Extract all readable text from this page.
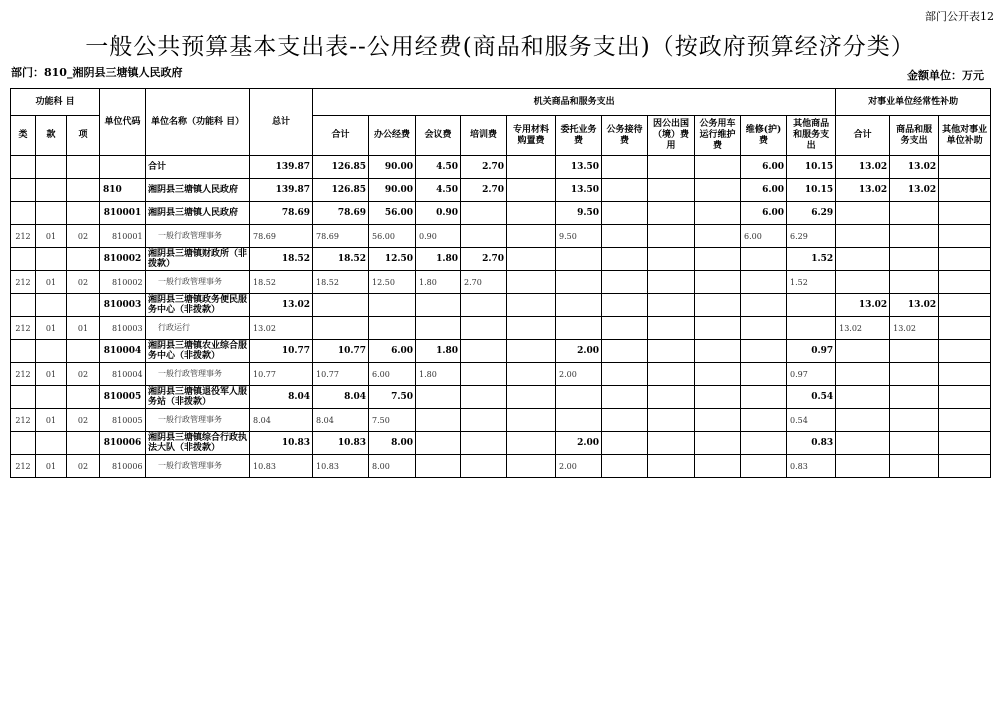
部门公开表12
一般公共预算基本支出表--公用经费(商品和服务支出)（按政府预算经济分类）
部门：810_湘阴县三塘镇人民政府	金额单位：万元
功能科 目			单位代码	单位名称（功能科 目）	总计	机关商品和服务支出											对事业单位经常性补助		
类	款	项				合计	办公经费	会议费	培训费	专用材料购置费	委托业务费	公务接待费	因公出国（境）费用	公务用车运行维护费	维修(护)费	其他商品和服务支出	合计	商品和服务支出	其他对事业单位补助
				合计	139.87	126.85	90.00	4.50	2.70		13.50				6.00	10.15	13.02	13.02	
			810	湘阴县三塘镇人民政府	139.87	126.85	90.00	4.50	2.70		13.50				6.00	10.15	13.02	13.02	
			810001	湘阴县三塘镇人民政府	78.69	78.69	56.00	0.90			9.50				6.00	6.29			
212	01	02	810001	一般行政管理事务	78.69	78.69	56.00	0.90			9.50				6.00	6.29			
			810002	湘阴县三塘镇财政所（非拨款）	18.52	18.52	12.50	1.80	2.70							1.52			
212	01	02	810002	一般行政管理事务	18.52	18.52	12.50	1.80	2.70							1.52			
			810003	湘阴县三塘镇政务便民服务中心（非拨款）	13.02												13.02	13.02	
212	01	01	810003	行政运行	13.02												13.02	13.02	
			810004	湘阴县三塘镇农业综合服务中心（非拨款）	10.77	10.77	6.00	1.80			2.00					0.97			
212	01	02	810004	一般行政管理事务	10.77	10.77	6.00	1.80			2.00					0.97			
			810005	湘阴县三塘镇退役军人服务站（非拨款）	8.04	8.04	7.50									0.54			
212	01	02	810005	一般行政管理事务	8.04	8.04	7.50									0.54			
			810006	湘阴县三塘镇综合行政执法大队（非拨款）	10.83	10.83	8.00				2.00					0.83			
212	01	02	810006	一般行政管理事务	10.83	10.83	8.00				2.00					0.83			
